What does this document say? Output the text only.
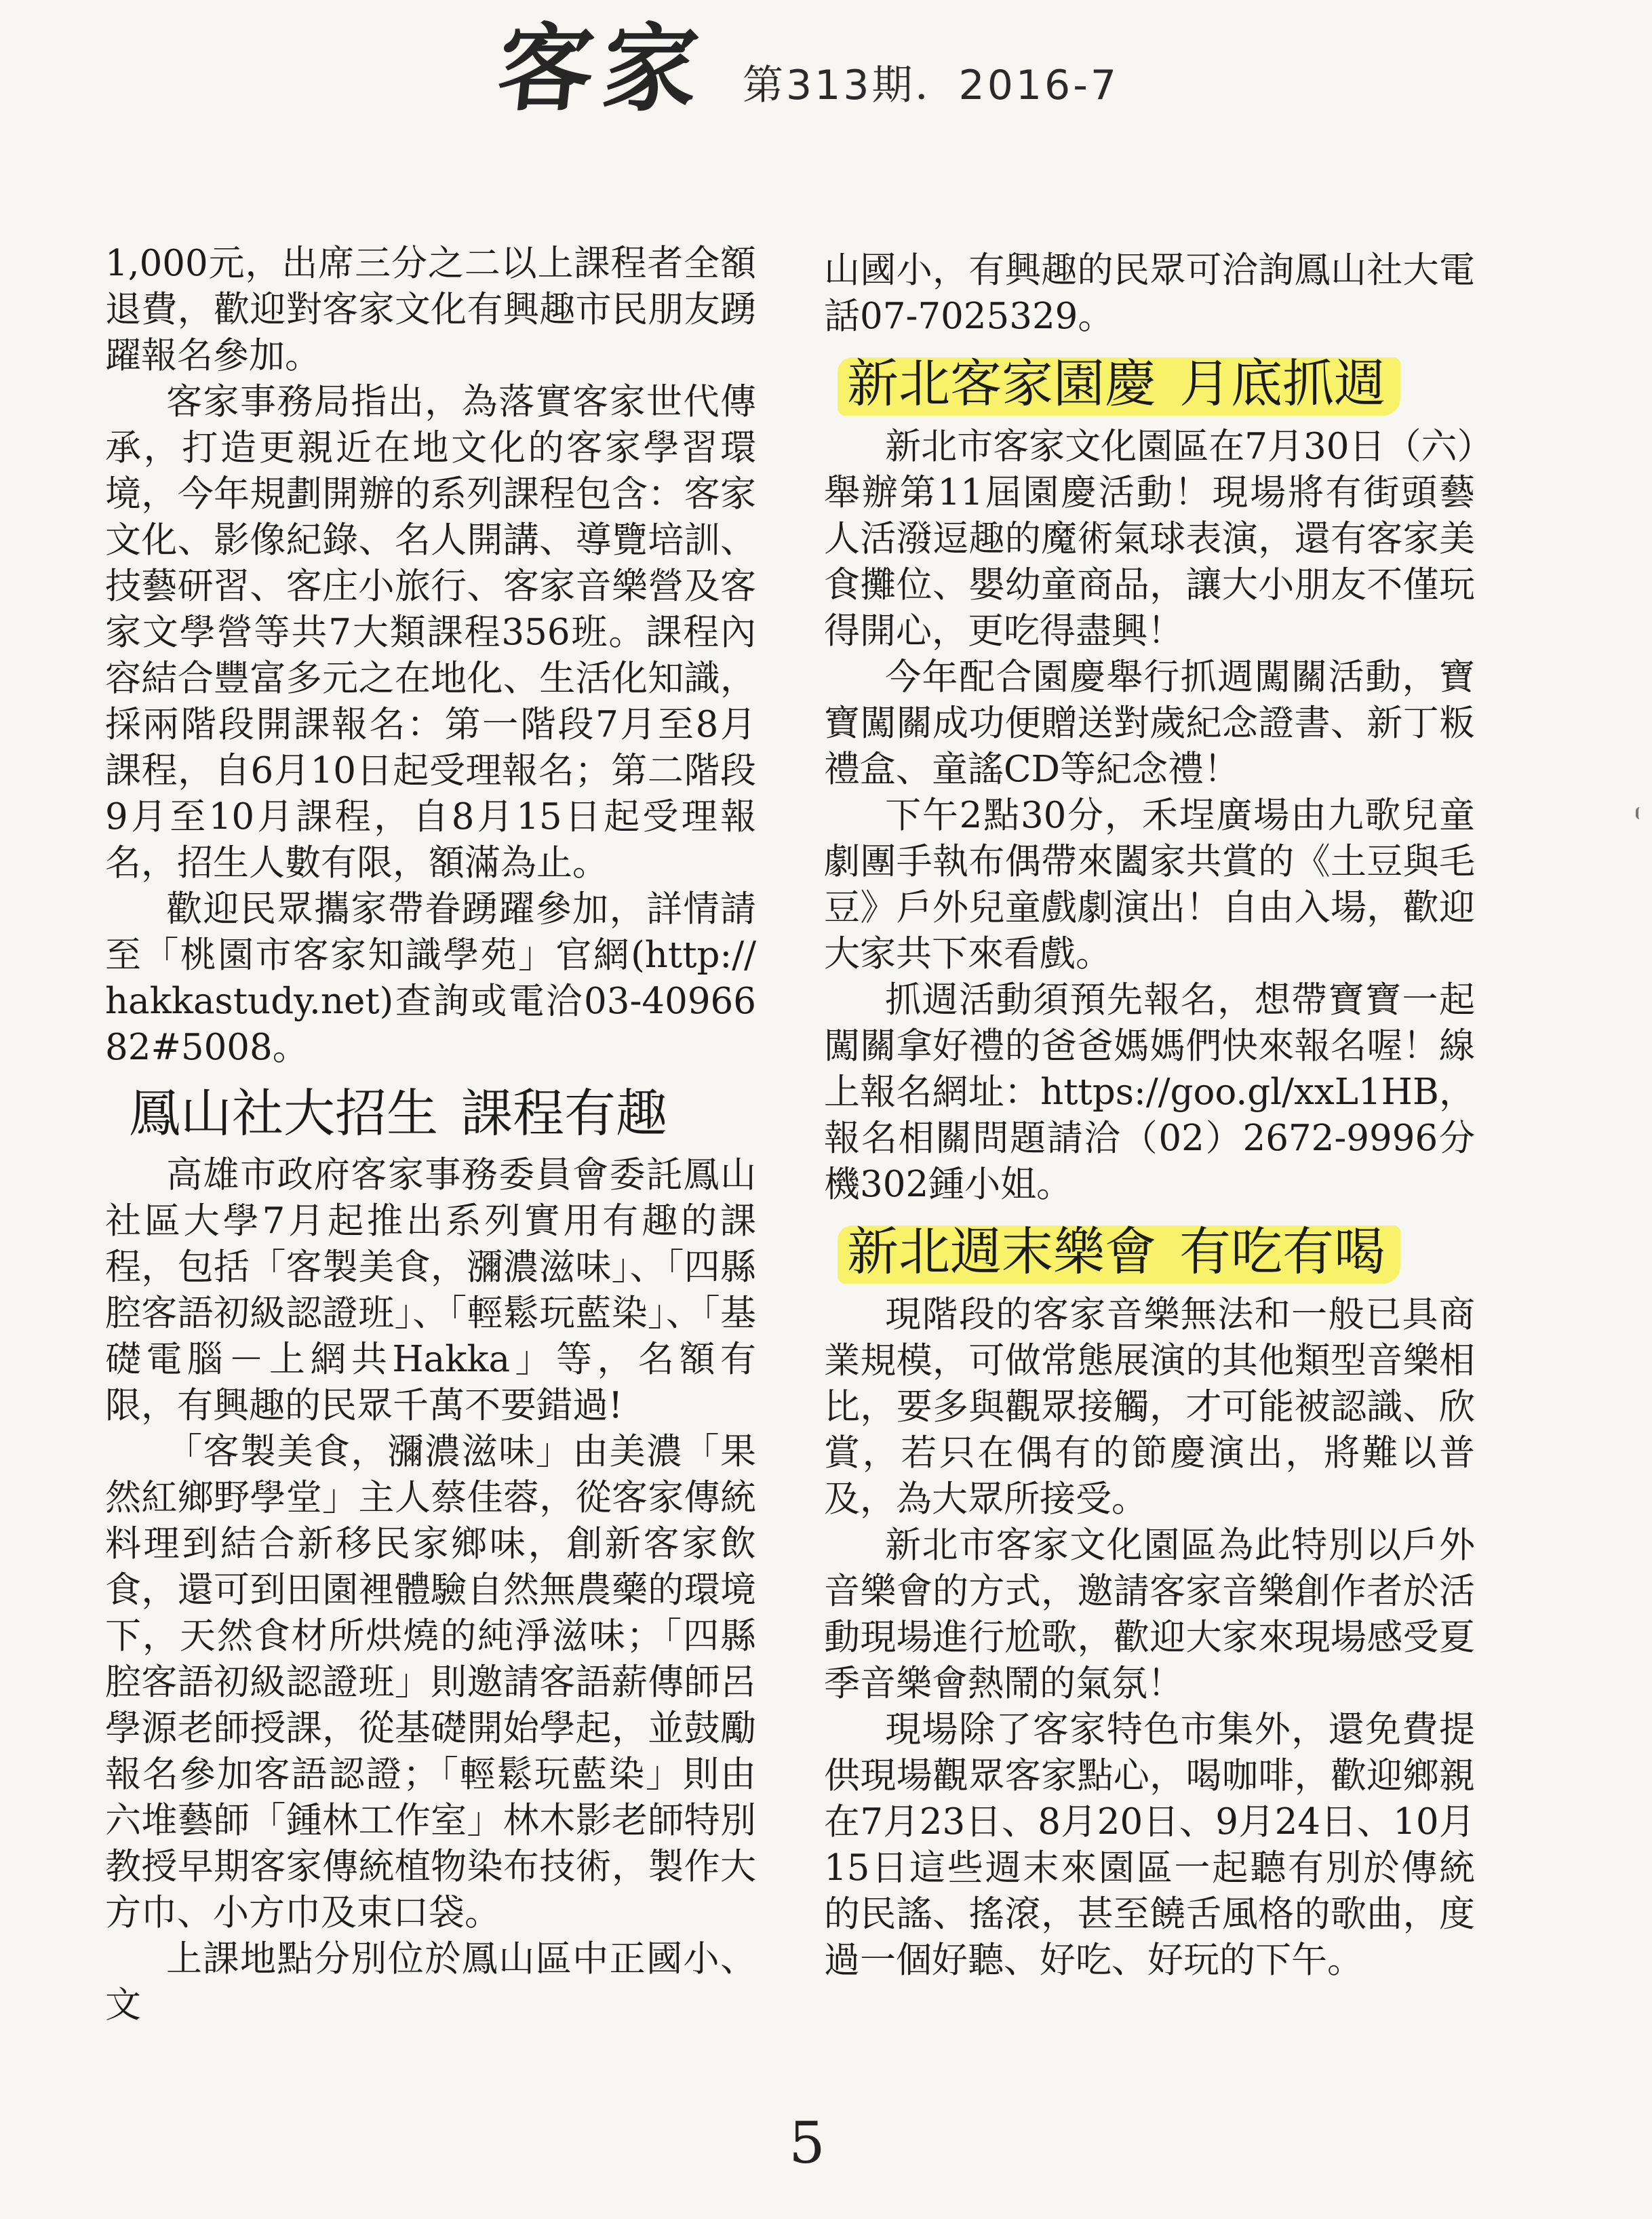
客家 第313期．2016-7

1,000元，出席三分之二以上課程者全額退費，歡迎對客家文化有興趣市民朋友踴躍報名參加。

客家事務局指出，為落實客家世代傳承，打造更親近在地文化的客家學習環境，今年規劃開辦的系列課程包含：客家文化、影像紀錄、名人開講、導覽培訓、技藝研習、客庄小旅行、客家音樂營及客家文學營等共7大類課程356班。課程內容結合豐富多元之在地化、生活化知識，採兩階段開課報名：第一階段7月至8月課程，自6月10日起受理報名；第二階段9月至10月課程，自8月15日起受理報名，招生人數有限，額滿為止。

歡迎民眾攜家帶眷踴躍參加，詳情請至「桃園市客家知識學苑」官網(http://hakkastudy.net)查詢或電洽03-4096682#5008。

鳳山社大招生 課程有趣

高雄市政府客家事務委員會委託鳳山社區大學7月起推出系列實用有趣的課程，包括「客製美食，瀰濃滋味」、「四縣腔客語初級認證班」、「輕鬆玩藍染」、「基礎電腦－上網共Hakka」等，名額有限，有興趣的民眾千萬不要錯過!

「客製美食，瀰濃滋味」由美濃「果然紅鄉野學堂」主人蔡佳蓉，從客家傳統料理到結合新移民家鄉味，創新客家飲食，還可到田園裡體驗自然無農藥的環境下，天然食材所烘燒的純淨滋味；「四縣腔客語初級認證班」則邀請客語薪傳師呂學源老師授課，從基礎開始學起，並鼓勵報名參加客語認證；「輕鬆玩藍染」則由六堆藝師「鍾林工作室」林木影老師特別教授早期客家傳統植物染布技術，製作大方巾、小方巾及束口袋。

上課地點分別位於鳳山區中正國小、文

山國小，有興趣的民眾可洽詢鳳山社大電話07-7025329。

新北客家園慶 月底抓週

新北市客家文化園區在7月30日（六）舉辦第11屆園慶活動！現場將有街頭藝人活潑逗趣的魔術氣球表演，還有客家美食攤位、嬰幼童商品，讓大小朋友不僅玩得開心，更吃得盡興！

今年配合園慶舉行抓週闖關活動，寶寶闖關成功便贈送對歲紀念證書、新丁粄禮盒、童謠CD等紀念禮！

下午2點30分，禾埕廣場由九歌兒童劇團手執布偶帶來闔家共賞的《土豆與毛豆》戶外兒童戲劇演出！自由入場，歡迎大家共下來看戲。

抓週活動須預先報名，想帶寶寶一起闖關拿好禮的爸爸媽媽們快來報名喔！線上報名網址：https://goo.gl/xxL1HB，報名相關問題請洽（02）2672-9996分機302鍾小姐。

新北週末樂會 有吃有喝

現階段的客家音樂無法和一般已具商業規模，可做常態展演的其他類型音樂相比，要多與觀眾接觸，才可能被認識、欣賞，若只在偶有的節慶演出，將難以普及，為大眾所接受。

新北市客家文化園區為此特別以戶外音樂會的方式，邀請客家音樂創作者於活動現場進行尬歌，歡迎大家來現場感受夏季音樂會熱鬧的氣氛！

現場除了客家特色市集外，還免費提供現場觀眾客家點心，喝咖啡，歡迎鄉親在7月23日、8月20日、9月24日、10月15日這些週末來園區一起聽有別於傳統的民謠、搖滾，甚至饒舌風格的歌曲，度過一個好聽、好吃、好玩的下午。

5
